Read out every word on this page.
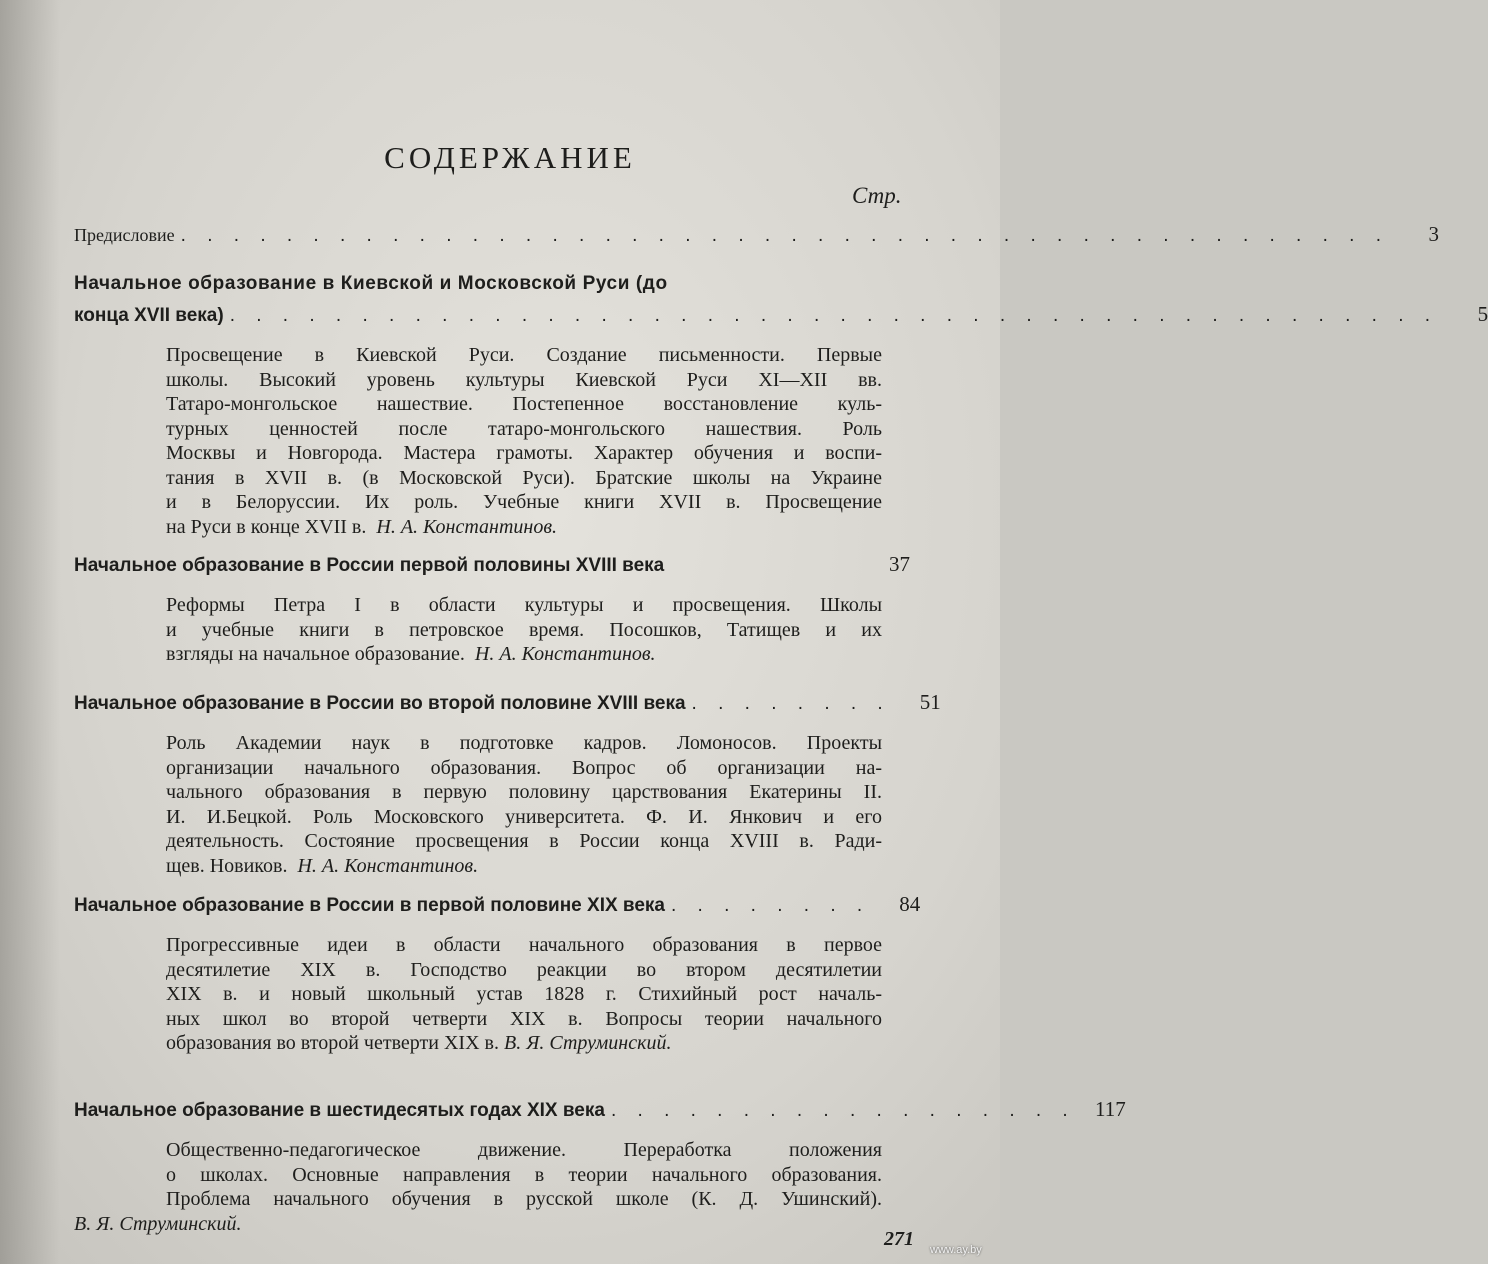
СОДЕРЖАНИЕ
Стр.
Предисловие . . . . . . . . . . . . . . . . . . . . . . . . . . . . . . . . . . . . . . . . . . . . . .	3
Начальное образование в Киевской и Московской Руси (до
конца XVII века) . . . . . . . . . . . . . . . . . . . . . . . . . . . . . . . . . . . . . . . . . . . . . .	5
Просвещение в Киевской Руси. Создание письменности. Первые
школы. Высокий уровень культуры Киевской Руси XI—XII вв.
Татаро-монгольское нашествие. Постепенное восстановление куль-
турных ценностей после татаро-монгольского нашествия. Роль
Москвы и Новгорода. Мастера грамоты. Характер обучения и воспи-
тания в XVII в. (в Московской Руси). Братские школы на Украине
и в Белоруссии. Их роль. Учебные книги XVII в. Просвещение
на Руси в конце XVII в. Н. А. Константинов.
Начальное образование в России первой половины XVIII века	37
Реформы Петра I в области культуры и просвещения. Школы
и учебные книги в петровское время. Посошков, Татищев и их
взгляды на начальное образование. Н. А. Константинов.
Начальное образование в России во второй половине XVIII века . . . . . . . .	51
Роль Академии наук в подготовке кадров. Ломоносов. Проекты
организации начального образования. Вопрос об организации на-
чального образования в первую половину царствования Екатерины II.
И. И.Бецкой. Роль Московского университета. Ф. И. Янкович и его
деятельность. Состояние просвещения в России конца XVIII в. Ради-
щев. Новиков. Н. А. Константинов.
Начальное образование в России в первой половине XIX века . . . . . . . .	84
Прогрессивные идеи в области начального образования в первое
десятилетие XIX в. Господство реакции во втором десятилетии
XIX в. и новый школьный устав 1828 г. Стихийный рост началь-
ных школ во второй четверти XIX в. Вопросы теории начального
образования во второй четверти XIX в. В. Я. Струминский.
Начальное образование в шестидесятых годах XIX века . . . . . . . . . . . . . . . . . . 117
Общественно-педагогическое движение. Переработка положения
о школах. Основные направления в теории начального образования.
Проблема начального обучения в русской школе (К. Д. Ушинский).
В. Я. Струминский.
271 www.ay.by
